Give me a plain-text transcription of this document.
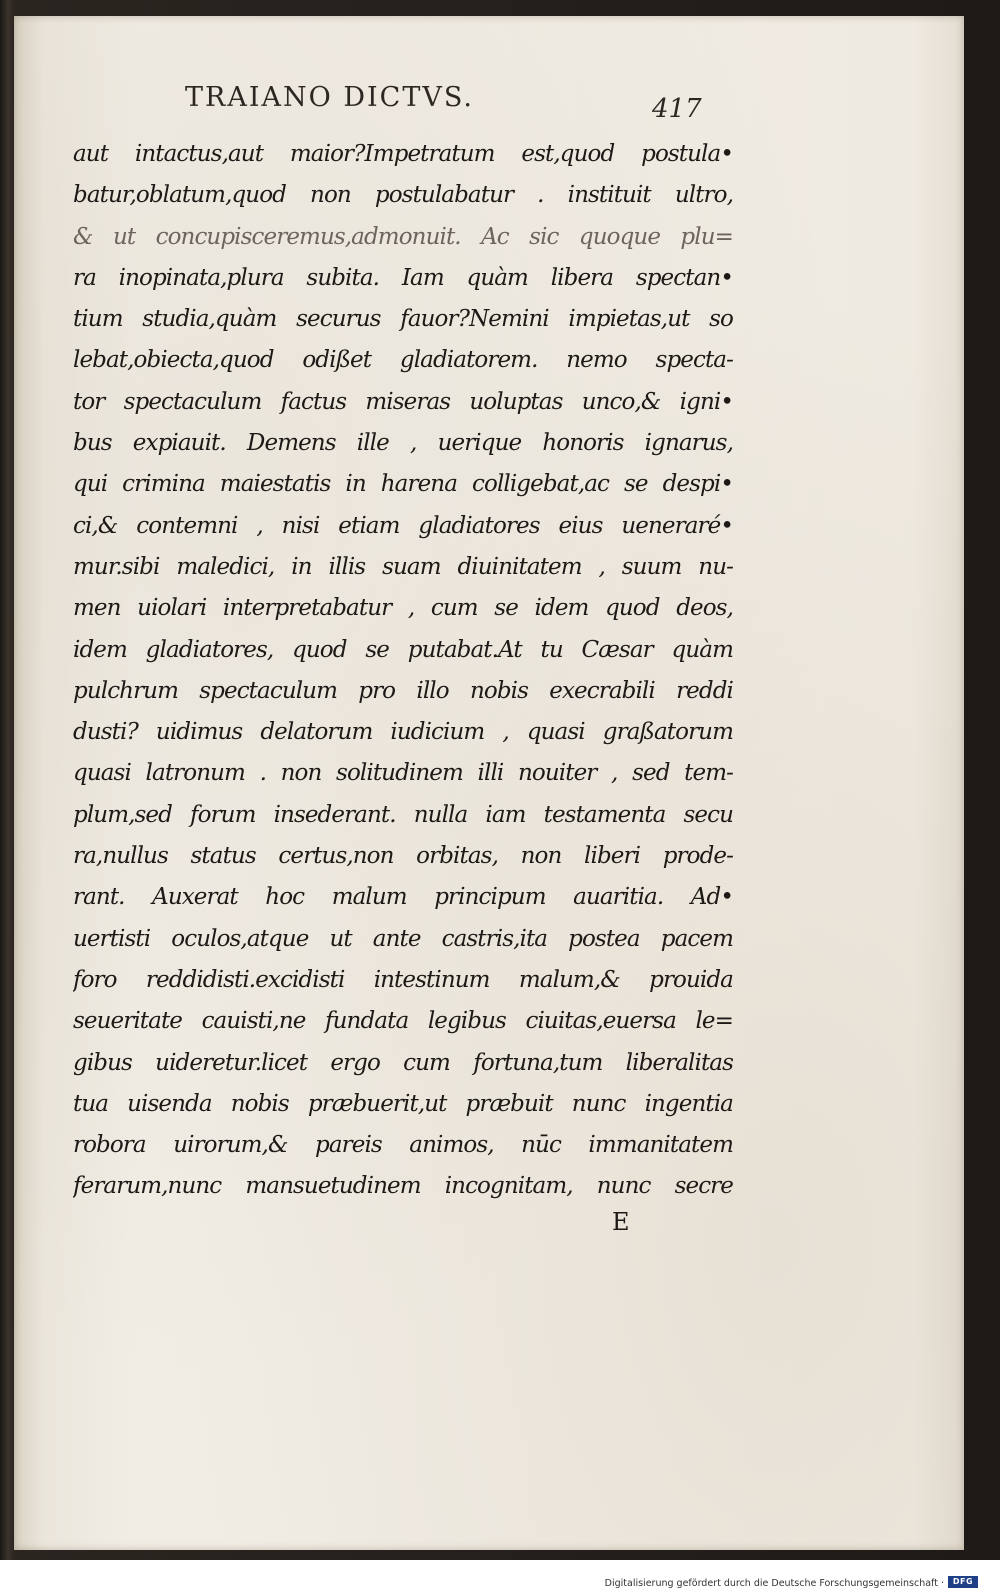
TRAIANO DICTVS.	417
aut intactus,aut maior?Impetratum est,quod postula•
batur,oblatum,quod non postulabatur . instituit ultro,
& ut concupisceremus,admonuit. Ac sic quoque plu=
ra inopinata,plura subita. Iam quàm libera spectan•
tium studia,quàm securus fauor?Nemini impietas,ut so
lebat,obiecta,quod odißet gladiatorem. nemo specta-
tor spectaculum factus miseras uoluptas unco,& igni•
bus expiauit. Demens ille , uerique honoris ignarus,
qui crimina maiestatis in harena colligebat,ac se despi•
ci,& contemni , nisi etiam gladiatores eius ueneraré•
mur.sibi maledici, in illis suam diuinitatem , suum nu-
men uiolari interpretabatur , cum se idem quod deos,
idem gladiatores, quod se putabat.At tu Cæsar quàm
pulchrum spectaculum pro illo nobis execrabili reddi
dusti? uidimus delatorum iudicium , quasi graßatorum
quasi latronum . non solitudinem illi nouiter , sed tem-
plum,sed forum insederant. nulla iam testamenta secu
ra,nullus status certus,non orbitas, non liberi prode-
rant. Auxerat hoc malum principum auaritia. Ad•
uertisti oculos,atque ut ante castris,ita postea pacem
foro reddidisti.excidisti intestinum malum,& prouida
seueritate cauisti,ne fundata legibus ciuitas,euersa le=
gibus uideretur.licet ergo cum fortuna,tum liberalitas
tua uisenda nobis præbuerit,ut præbuit nunc ingentia
robora uirorum,& pareis animos, nūc immanitatem
ferarum,nunc mansuetudinem incognitam, nunc secre
E
Digitalisierung gefördert durch die Deutsche Forschungsgemeinschaft ·	DFG
